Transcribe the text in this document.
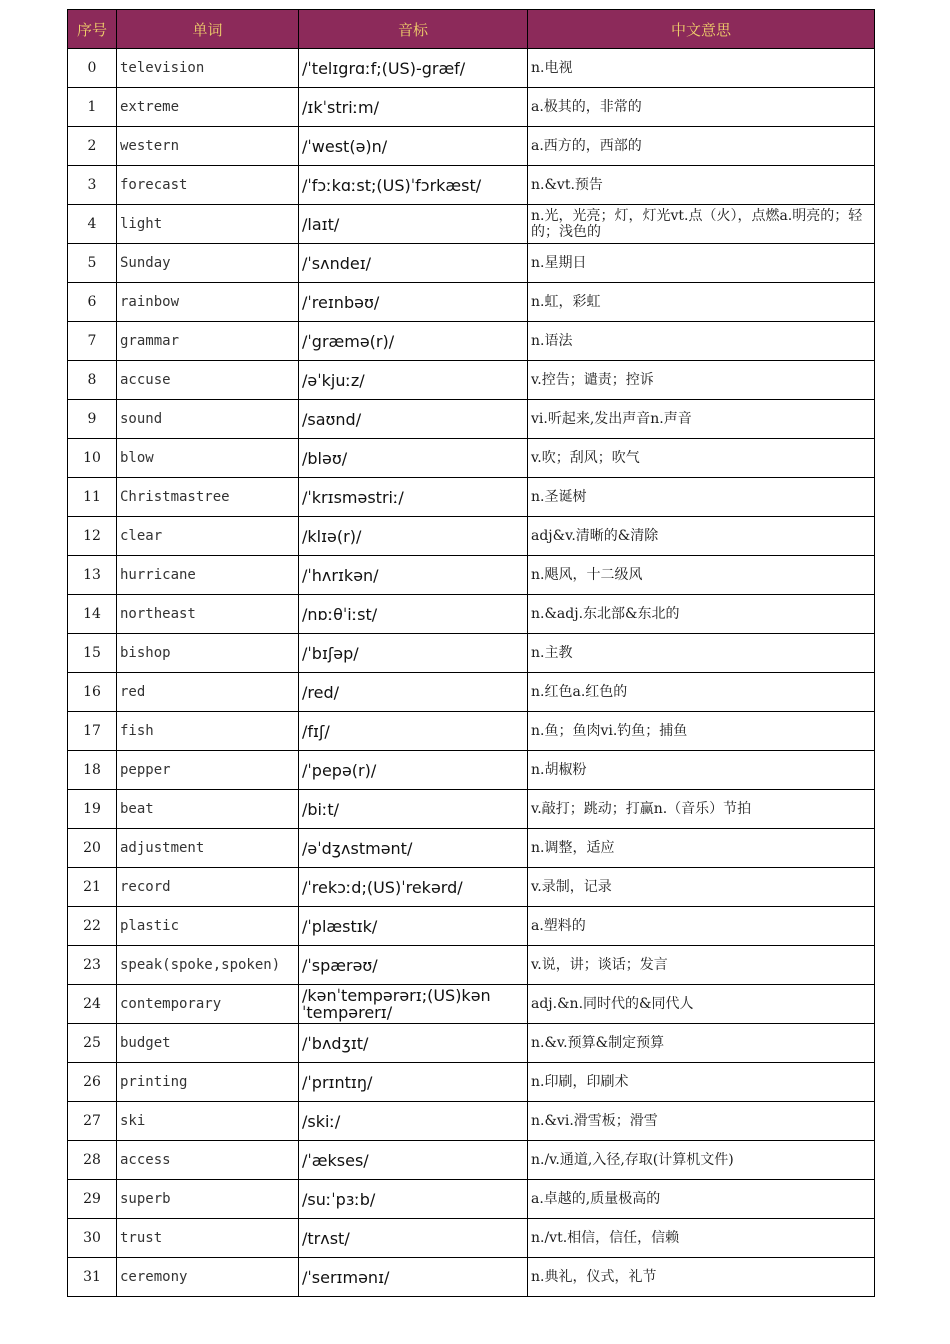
序号	单词	音标	中文意思
0	television	/ˈtelɪgrɑːf;(US)-græf/	n.电视
1	extreme	/ɪkˈstriːm/	a.极其的，非常的
2	western	/ˈwest(ə)n/	a.西方的，西部的
3	forecast	/ˈfɔːkɑːst;(US)ˈfɔrkæst/	n.&vt.预告
4	light	/laɪt/	n.光，光亮；灯，灯光vt.点（火），点燃a.明亮的；轻的；浅色的
5	Sunday	/ˈsʌndeɪ/	n.星期日
6	rainbow	/ˈreɪnbəʊ/	n.虹，彩虹
7	grammar	/ˈgræmə(r)/	n.语法
8	accuse	/əˈkjuːz/	v.控告；谴责；控诉
9	sound	/saʊnd/	vi.听起来,发出声音n.声音
10	blow	/bləʊ/	v.吹；刮风；吹气
11	Christmastree	/ˈkrɪsməstriː/	n.圣诞树
12	clear	/klɪə(r)/	adj&v.清晰的&清除
13	hurricane	/ˈhʌrɪkən/	n.飓风，十二级风
14	northeast	/nɒːθˈiːst/	n.&adj.东北部&东北的
15	bishop	/ˈbɪʃəp/	n.主教
16	red	/red/	n.红色a.红色的
17	fish	/fɪʃ/	n.鱼；鱼肉vi.钓鱼；捕鱼
18	pepper	/ˈpepə(r)/	n.胡椒粉
19	beat	/biːt/	v.敲打；跳动；打赢n.（音乐）节拍
20	adjustment	/əˈdʒʌstmənt/	n.调整，适应
21	record	/ˈrekɔːd;(US)ˈrekərd/	v.录制，记录
22	plastic	/ˈplæstɪk/	a.塑料的
23	speak(spoke,spoken)	/ˈspærəʊ/	v.说，讲；谈话；发言
24	contemporary	/kənˈtempərərɪ;(US)kənˈtempərerɪ/	adj.&n.同时代的&同代人
25	budget	/ˈbʌdʒɪt/	n.&v.预算&制定预算
26	printing	/ˈprɪntɪŋ/	n.印刷，印刷术
27	ski	/skiː/	n.&vi.滑雪板；滑雪
28	access	/ˈækses/	n./v.通道,入径,存取(计算机文件)
29	superb	/suːˈpɜːb/	a.卓越的,质量极高的
30	trust	/trʌst/	n./vt.相信，信任，信赖
31	ceremony	/ˈserɪmənɪ/	n.典礼，仪式，礼节
